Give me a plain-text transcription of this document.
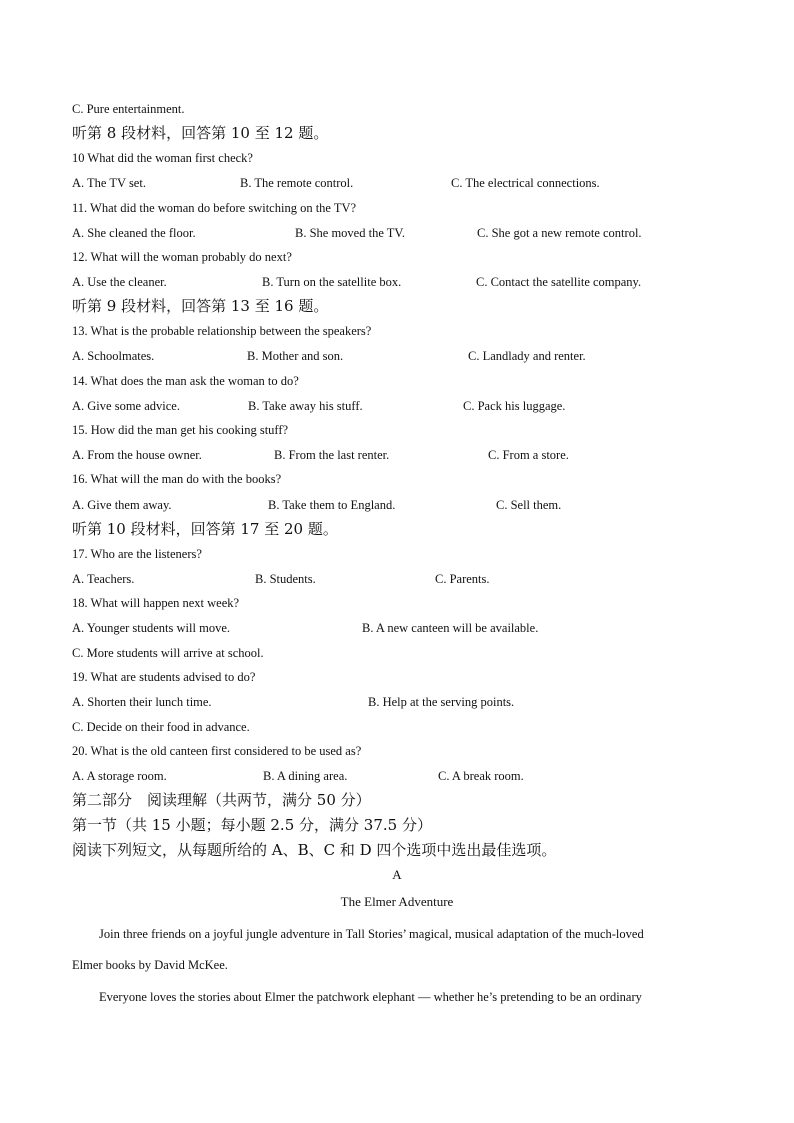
C. Pure entertainment.
听第 8 段材料，回答第 10 至 12 题。
10 What did the woman first check?
A. The TV set.	B. The remote control.	C. The electrical connections.
11. What did the woman do before switching on the TV?
A. She cleaned the floor.	B. She moved the TV.	C. She got a new remote control.
12. What will the woman probably do next?
A. Use the cleaner.	B. Turn on the satellite box.	C. Contact the satellite company.
听第 9 段材料，回答第 13 至 16 题。
13. What is the probable relationship between the speakers?
A. Schoolmates.	B. Mother and son.	C. Landlady and renter.
14. What does the man ask the woman to do?
A. Give some advice.	B. Take away his stuff.	C. Pack his luggage.
15. How did the man get his cooking stuff?
A. From the house owner.	B. From the last renter.	C. From a store.
16. What will the man do with the books?
A. Give them away.	B. Take them to England.	C. Sell them.
听第 10 段材料，回答第 17 至 20 题。
17. Who are the listeners?
A. Teachers.	B. Students.	C. Parents.
18. What will happen next week?
A. Younger students will move.	B. A new canteen will be available.
C. More students will arrive at school.
19. What are students advised to do?
A. Shorten their lunch time.	B. Help at the serving points.
C. Decide on their food in advance.
20. What is the old canteen first considered to be used as?
A. A storage room.	B. A dining area.	C. A break room.
第二部分　阅读理解（共两节，满分 50 分）
第一节（共 15 小题；每小题 2.5 分，满分 37.5 分）
阅读下列短文，从每题所给的 A、B、C 和 D 四个选项中选出最佳选项。
A
The Elmer Adventure
Join three friends on a joyful jungle adventure in Tall Stories’ magical, musical adaptation of the much-loved
Elmer books by David McKee.
Everyone loves the stories about Elmer the patchwork elephant — whether he’s pretending to be an ordinary
